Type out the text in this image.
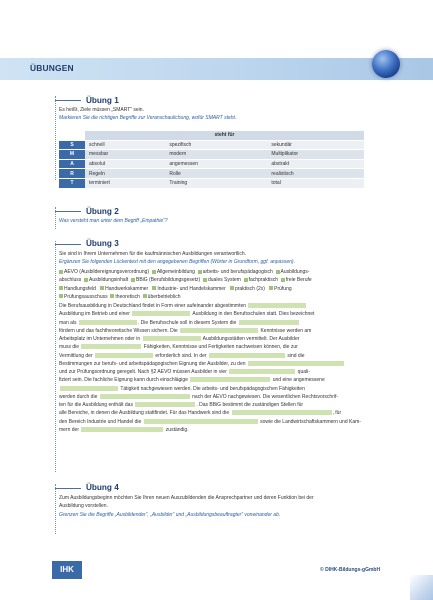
ÜBUNGEN
Übung 1
Es heißt, Ziele müssen „SMART“ sein.
Markieren Sie die richtigen Begriffe zur Veranschaulichung, wofür SMART steht.
	steht für		
S	schnell	spezifisch	sekundär
M	messbar	modern	Multiplikator
A	absolut	angemessen	abstrakt
R	Regeln	Rolle	realistisch
T	terminiert	Training	total
Übung 2
Was versteht man unter dem Begriff „Empathie“?
Übung 3
Sie sind in Ihrem Unternehmen für die kaufmännischen Ausbildungen verantwortlich.
Ergänzen Sie folgenden Lückentext mit den angegebenen Begriffen (Wörter in Grundform, ggf. anpassen).

AEVO (Ausbildereignungsverordnung) Allgemeinbildung arbeits- und berufspädagogisch Ausbildungs-

abschluss Ausbildungsinhalt BBiG (Berufsbildungsgesetz) duales System fachpraktisch freie Berufe

Handlungsfeld Handwerkskammer Industrie- und Handelskammer praktisch (2x) Prüfung

Prüfungsausschuss theoretisch überbetrieblich

Die Berufsausbildung in Deutschland findet in Form einer aufeinander abgestimmten

Ausbildung im Betrieb und einer	Ausbildung in den Berufsschulen statt. Dies bezeichnet

man als	. Die Berufsschule soll in diesem System die

fördern und das fachtheoretische Wissen sichern. Die	Kenntnisse werden am

Arbeitsplatz im Unternehmen oder in	Ausbildungsstätten vermittelt. Der Ausbilder

muss die	Fähigkeiten, Kenntnisse und Fertigkeiten nachweisen können, die zur

Vermittlung der	erforderlich sind. In der	sind die

Bestimmungen zur berufs- und arbeitspädagogischen Eignung der Ausbilder, zu den

und zur Prüfungsordnung geregelt. Nach §2 AEVO müssen Ausbilder in vier	quali-

fiziert sein. Die fachliche Eignung kann durch einschlägige	und eine angemessene

Tätigkeit nachgewiesen werden. Die arbeits- und berufspädagogischen Fähigkeiten

werden durch die	nach der AEVO nachgewiesen. Die wesentlichen Rechtsvorschrif-

ten für die Ausbildung enthält das	. Das BBiG bestimmt die zuständigen Stellen für

alle Bereiche, in denen die Ausbildung stattfindet. Für das Handwerk sind die	, für

den Bereich Industrie und Handel die	sowie die Landwirtschaftskammern und Kam-

mern der	zuständig.

Übung 4
Zum Ausbildungsbeginn möchten Sie Ihren neuen Auszubildenden die Ansprechpartner und deren Funktion bei der
Ausbildung vorstellen.
Grenzen Sie die Begriffe „Ausbildender“, „Ausbilder“ und „Ausbildungsbeauftragter“ voneinander ab.
IHK	© DIHK-Bildungs-gGmbH
